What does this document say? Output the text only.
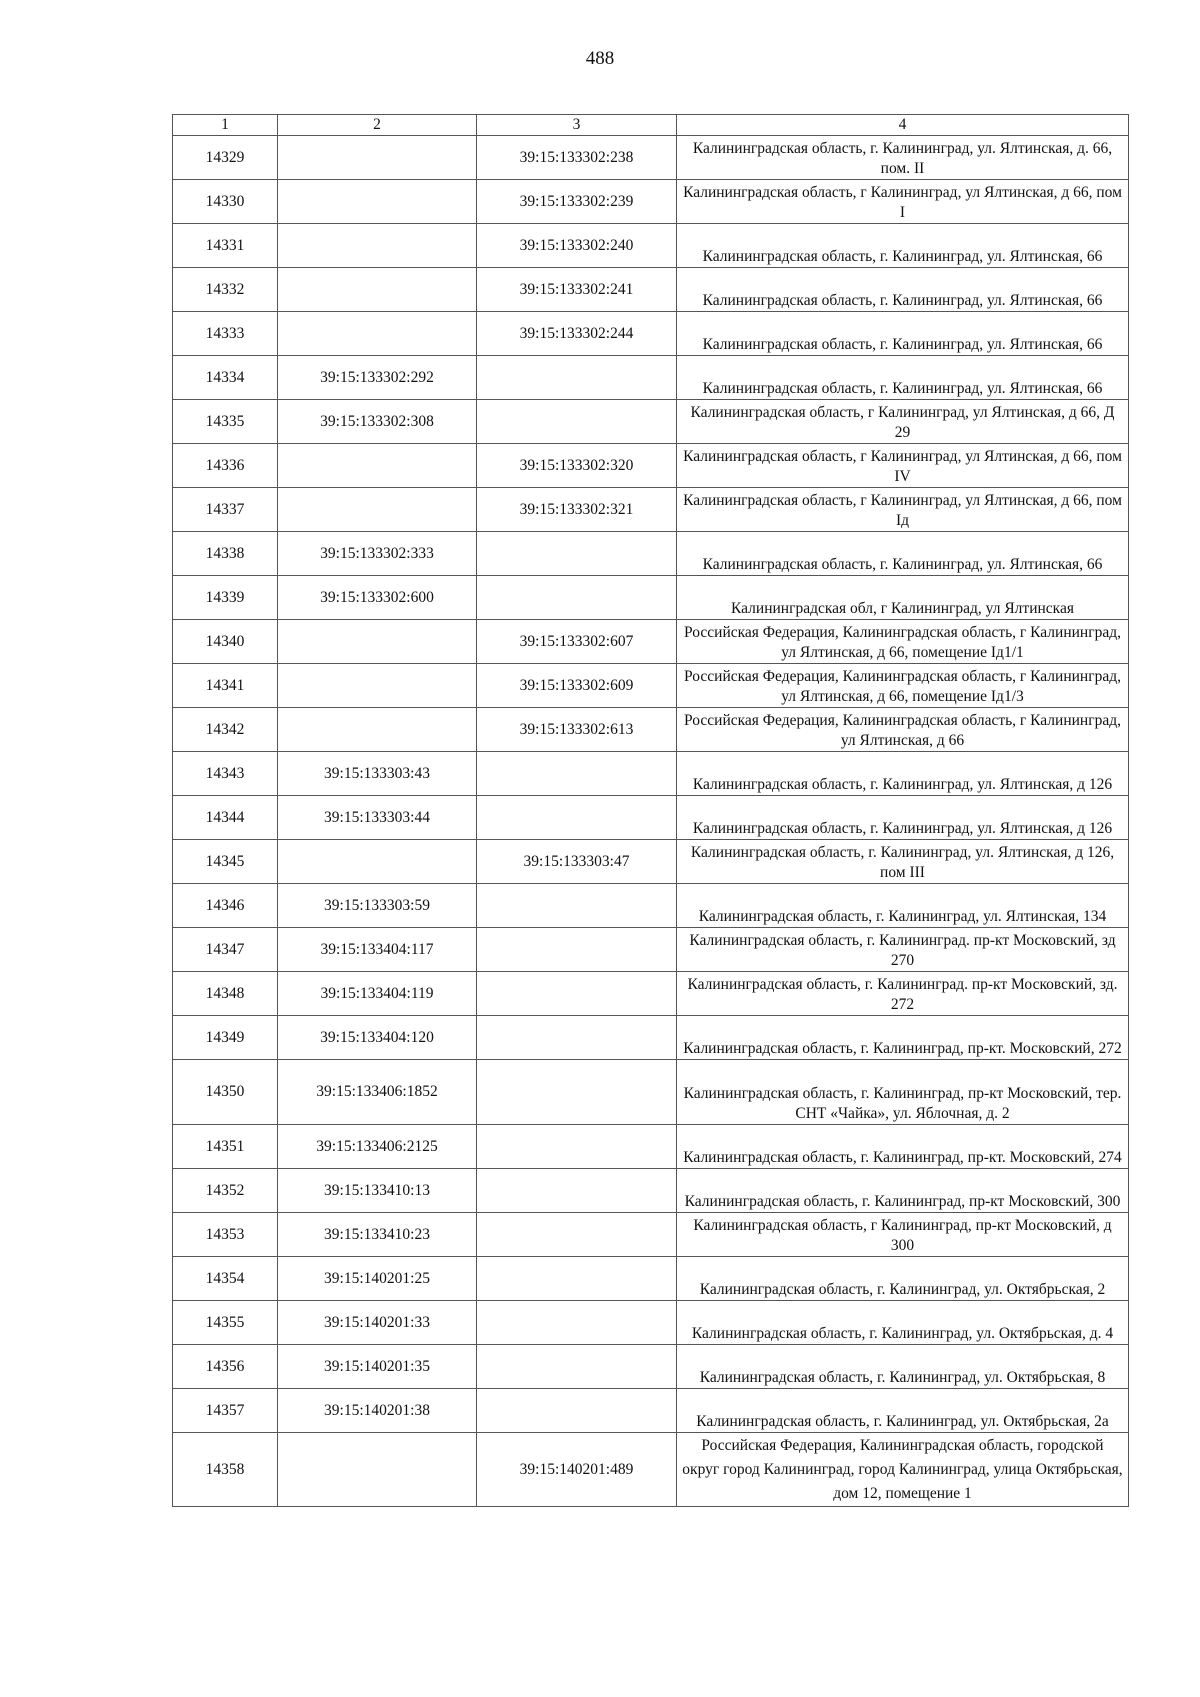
488
1	2	3	4
14329		39:15:133302:238	Калининградская область, г. Калининград, ул. Ялтинская, д. 66, пом. II
14330		39:15:133302:239	Калининградская область, г Калининград, ул Ялтинская, д 66, пом I
14331		39:15:133302:240	Калининградская область, г. Калининград, ул. Ялтинская, 66
14332		39:15:133302:241	Калининградская область, г. Калининград, ул. Ялтинская, 66
14333		39:15:133302:244	Калининградская область, г. Калининград, ул. Ялтинская, 66
14334	39:15:133302:292		Калининградская область, г. Калининград, ул. Ялтинская, 66
14335	39:15:133302:308		Калининградская область, г Калининград, ул Ялтинская, д 66, Д 29
14336		39:15:133302:320	Калининградская область, г Калининград, ул Ялтинская, д 66, пом IV
14337		39:15:133302:321	Калининградская область, г Калининград, ул Ялтинская, д 66, пом Iд
14338	39:15:133302:333		Калининградская область, г. Калининград, ул. Ялтинская, 66
14339	39:15:133302:600		Калининградская обл, г Калининград, ул Ялтинская
14340		39:15:133302:607	Российская Федерация, Калининградская область, г Калининград, ул Ялтинская, д 66, помещение Iд1/1
14341		39:15:133302:609	Российская Федерация, Калининградская область, г Калининград, ул Ялтинская, д 66, помещение Iд1/3
14342		39:15:133302:613	Российская Федерация, Калининградская область, г Калининград, ул Ялтинская, д 66
14343	39:15:133303:43		Калининградская область, г. Калининград, ул. Ялтинская, д 126
14344	39:15:133303:44		Калининградская область, г. Калининград, ул. Ялтинская, д 126
14345		39:15:133303:47	Калининградская область, г. Калининград, ул. Ялтинская, д 126, пом III
14346	39:15:133303:59		Калининградская область, г. Калининград, ул. Ялтинская, 134
14347	39:15:133404:117		Калининградская область, г. Калининград. пр-кт Московский, зд 270
14348	39:15:133404:119		Калининградская область, г. Калининград. пр-кт Московский, зд. 272
14349	39:15:133404:120		Калининградская область, г. Калининград, пр-кт. Московский, 272
14350	39:15:133406:1852		Калининградская область, г. Калининград, пр-кт Московский, тер. СНТ «Чайка», ул. Яблочная, д. 2
14351	39:15:133406:2125		Калининградская область, г. Калининград, пр-кт. Московский, 274
14352	39:15:133410:13		Калининградская область, г. Калининград, пр-кт Московский, 300
14353	39:15:133410:23		Калининградская область, г Калининград, пр-кт Московский, д 300
14354	39:15:140201:25		Калининградская область, г. Калининград, ул. Октябрьская, 2
14355	39:15:140201:33		Калининградская область, г. Калининград, ул. Октябрьская, д. 4
14356	39:15:140201:35		Калининградская область, г. Калининград, ул. Октябрьская, 8
14357	39:15:140201:38		Калининградская область, г. Калининград, ул. Октябрьская, 2а
14358		39:15:140201:489	Российская Федерация, Калининградская область, городской округ город Калининград, город Калининград, улица Октябрьская, дом 12, помещение 1
